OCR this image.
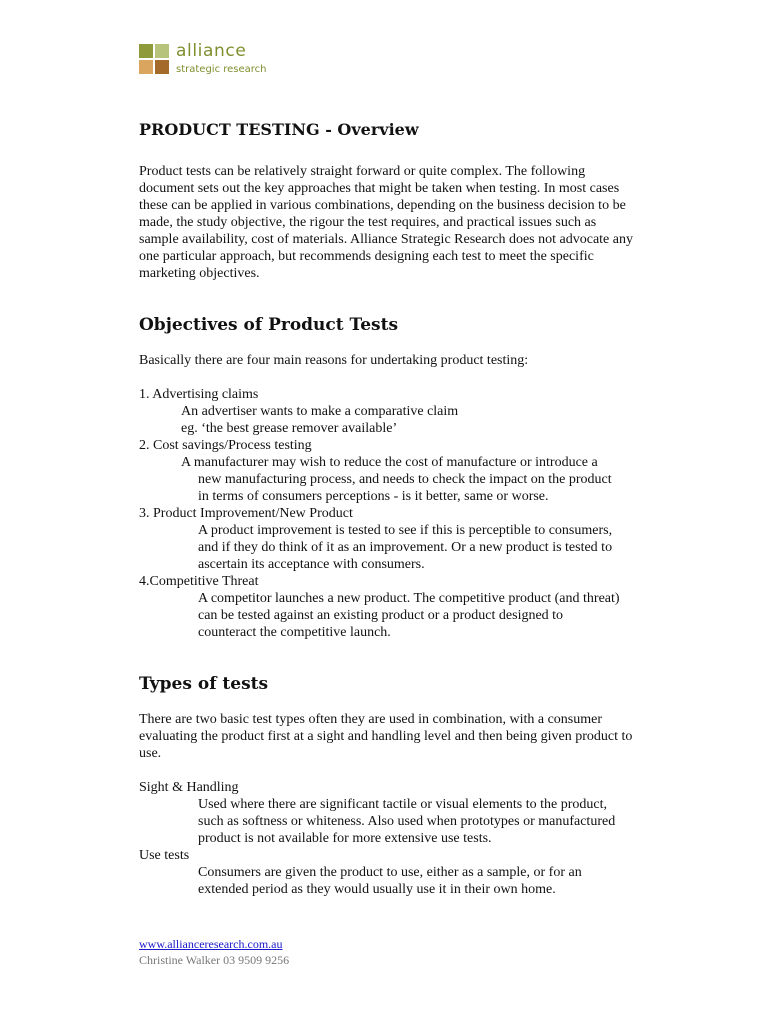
alliance
strategic research
PRODUCT TESTING - Overview

Product tests can be relatively straight forward or quite complex. The following document sets out the key approaches that might be taken when testing. In most cases these can be applied in various combinations, depending on the business decision to be made, the study objective, the rigour the test requires, and practical issues such as sample availability, cost of materials. Alliance Strategic Research does not advocate any one particular approach, but recommends designing each test to meet the specific marketing objectives.

Objectives of Product Tests

Basically there are four main reasons for undertaking product testing:

1. Advertising claims
An advertiser wants to make a comparative claim
eg. ‘the best grease remover available’
2. Cost savings/Process testing
A manufacturer may wish to reduce the cost of manufacture or introduce a
new manufacturing process, and needs to check the impact on the product
in terms of consumers perceptions - is it better, same or worse.
3. Product Improvement/New Product
A product improvement is tested to see if this is perceptible to consumers,
and if they do think of it as an improvement. Or a new product is tested to
ascertain its acceptance with consumers.
4.Competitive Threat
A competitor launches a new product. The competitive product (and threat)
can be tested against an existing product or a product designed to
counteract the competitive launch.
Types of tests

There are two basic test types often they are used in combination, with a consumer evaluating the product first at a sight and handling level and then being given product to use.

Sight & Handling
Used where there are significant tactile or visual elements to the product,
such as softness or whiteness. Also used when prototypes or manufactured
product is not available for more extensive use tests.
Use tests
Consumers are given the product to use, either as a sample, or for an
extended period as they would usually use it in their own home.
www.allianceresearch.com.au
Christine Walker 03 9509 9256
